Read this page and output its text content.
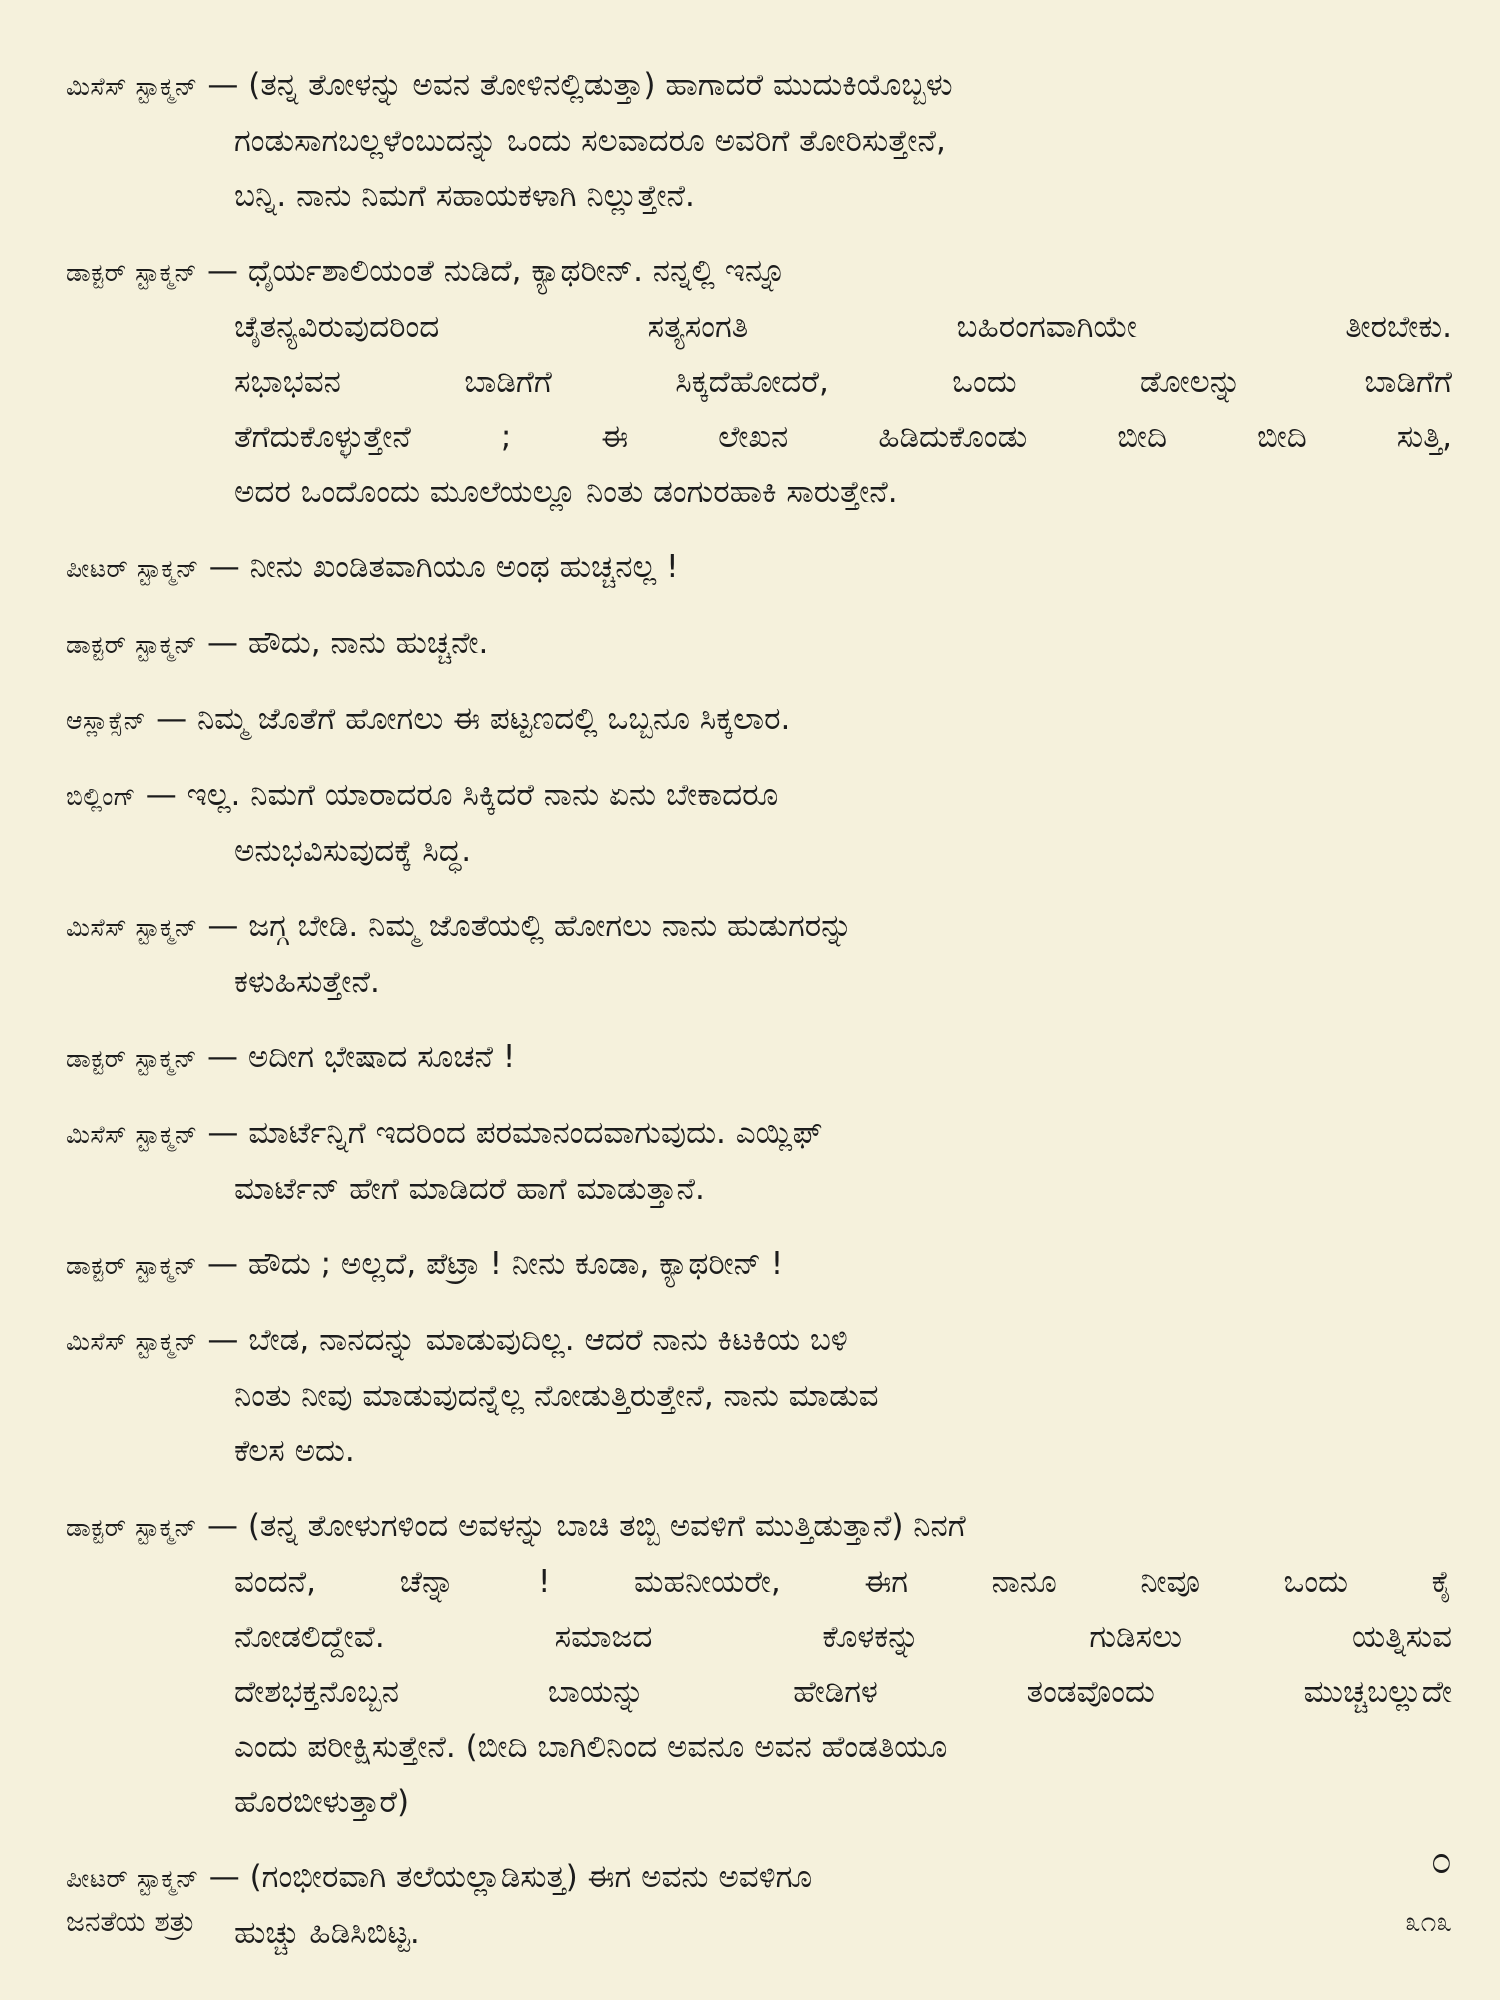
ಮಿಸೆಸ್ ಸ್ಟಾಕ್ಮನ್ — (ತನ್ನ ತೋಳನ್ನು ಅವನ ತೋಳಿನಲ್ಲಿಡುತ್ತಾ) ಹಾಗಾದರೆ ಮುದುಕಿಯೊಬ್ಬಳು
ಗಂಡುಸಾಗಬಲ್ಲಳೆಂಬುದನ್ನು ಒಂದು ಸಲವಾದರೂ ಅವರಿಗೆ ತೋರಿಸುತ್ತೇನೆ,
ಬನ್ನಿ. ನಾನು ನಿಮಗೆ ಸಹಾಯಕಳಾಗಿ ನಿಲ್ಲುತ್ತೇನೆ.
ಡಾಕ್ಟರ್ ಸ್ಟಾಕ್ಮನ್ — ಧೈರ್ಯಶಾಲಿಯಂತೆ ನುಡಿದೆ, ಕ್ಯಾಥರೀನ್. ನನ್ನಲ್ಲಿ ಇನ್ನೂ
ಚೈತನ್ಯವಿರುವುದರಿಂದ ಸತ್ಯಸಂಗತಿ ಬಹಿರಂಗವಾಗಿಯೇ ತೀರಬೇಕು.
ಸಭಾಭವನ ಬಾಡಿಗೆಗೆ ಸಿಕ್ಕದೆಹೋದರೆ, ಒಂದು ಡೋಲನ್ನು ಬಾಡಿಗೆಗೆ
ತೆಗೆದುಕೊಳ್ಳುತ್ತೇನೆ ; ಈ ಲೇಖನ ಹಿಡಿದುಕೊಂಡು ಬೀದಿ ಬೀದಿ ಸುತ್ತಿ,
ಅದರ ಒಂದೊಂದು ಮೂಲೆಯಲ್ಲೂ ನಿಂತು ಡಂಗುರಹಾಕಿ ಸಾರುತ್ತೇನೆ.
ಪೀಟರ್ ಸ್ಟಾಕ್ಮನ್ — ನೀನು ಖಂಡಿತವಾಗಿಯೂ ಅಂಥ ಹುಚ್ಚನಲ್ಲ !
ಡಾಕ್ಟರ್ ಸ್ಟಾಕ್ಮನ್ — ಹೌದು, ನಾನು ಹುಚ್ಚನೇ.
ಆಸ್ಲಾಕ್ಸೆನ್ — ನಿಮ್ಮ ಜೊತೆಗೆ ಹೋಗಲು ಈ ಪಟ್ಟಣದಲ್ಲಿ ಒಬ್ಬನೂ ಸಿಕ್ಕಲಾರ.
ಬಿಲ್ಲಿಂಗ್ — ಇಲ್ಲ. ನಿಮಗೆ ಯಾರಾದರೂ ಸಿಕ್ಕಿದರೆ ನಾನು ಏನು ಬೇಕಾದರೂ
ಅನುಭವಿಸುವುದಕ್ಕೆ ಸಿದ್ಧ.
ಮಿಸೆಸ್ ಸ್ಟಾಕ್ಮನ್ — ಜಗ್ಗ ಬೇಡಿ. ನಿಮ್ಮ ಜೊತೆಯಲ್ಲಿ ಹೋಗಲು ನಾನು ಹುಡುಗರನ್ನು
ಕಳುಹಿಸುತ್ತೇನೆ.
ಡಾಕ್ಟರ್ ಸ್ಟಾಕ್ಮನ್ — ಅದೀಗ ಭೇಷಾದ ಸೂಚನೆ !
ಮಿಸೆಸ್ ಸ್ಟಾಕ್ಮನ್ — ಮಾರ್ಟೆನ್ನಿಗೆ ಇದರಿಂದ ಪರಮಾನಂದವಾಗುವುದು. ಎಯ್ಲಿಫ್
ಮಾರ್ಟೆನ್ ಹೇಗೆ ಮಾಡಿದರೆ ಹಾಗೆ ಮಾಡುತ್ತಾನೆ.
ಡಾಕ್ಟರ್ ಸ್ಟಾಕ್ಮನ್ — ಹೌದು ; ಅಲ್ಲದೆ, ಪೆಟ್ರಾ ! ನೀನು ಕೂಡಾ, ಕ್ಯಾಥರೀನ್ !
ಮಿಸೆಸ್ ಸ್ಟಾಕ್ಮನ್ — ಬೇಡ, ನಾನದನ್ನು ಮಾಡುವುದಿಲ್ಲ. ಆದರೆ ನಾನು ಕಿಟಕಿಯ ಬಳಿ
ನಿಂತು ನೀವು ಮಾಡುವುದನ್ನೆಲ್ಲ ನೋಡುತ್ತಿರುತ್ತೇನೆ, ನಾನು ಮಾಡುವ
ಕೆಲಸ ಅದು.
ಡಾಕ್ಟರ್ ಸ್ಟಾಕ್ಮನ್ — (ತನ್ನ ತೋಳುಗಳಿಂದ ಅವಳನ್ನು ಬಾಚಿ ತಬ್ಬಿ ಅವಳಿಗೆ ಮುತ್ತಿಡುತ್ತಾನೆ) ನಿನಗೆ
ವಂದನೆ, ಚೆನ್ನಾ ! ಮಹನೀಯರೇ, ಈಗ ನಾನೂ ನೀವೂ ಒಂದು ಕೈ
ನೋಡಲಿದ್ದೇವೆ. ಸಮಾಜದ ಕೊಳಕನ್ನು ಗುಡಿಸಲು ಯತ್ನಿಸುವ
ದೇಶಭಕ್ತನೊಬ್ಬನ ಬಾಯನ್ನು ಹೇಡಿಗಳ ತಂಡವೊಂದು ಮುಚ್ಚಬಲ್ಲುದೇ
ಎಂದು ಪರೀಕ್ಷಿಸುತ್ತೇನೆ. (ಬೀದಿ ಬಾಗಿಲಿನಿಂದ ಅವನೂ ಅವನ ಹೆಂಡತಿಯೂ
ಹೊರಬೀಳುತ್ತಾರೆ)
ಪೀಟರ್ ಸ್ಟಾಕ್ಮನ್ — (ಗಂಭೀರವಾಗಿ ತಲೆಯಲ್ಲಾಡಿಸುತ್ತ) ಈಗ ಅವನು ಅವಳಿಗೂ
ಹುಚ್ಚು ಹಿಡಿಸಿಬಿಟ್ಟ.
೦
ಜನತೆಯ ಶತ್ರು	೩೧೩
